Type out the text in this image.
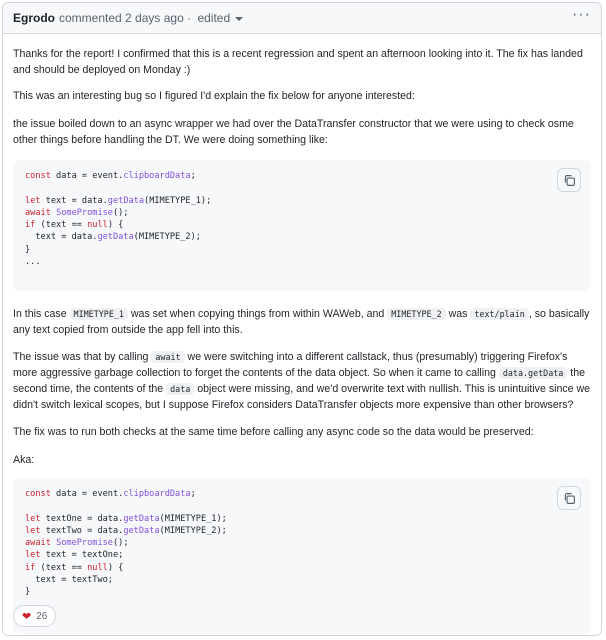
Egrodo commented
2 days ago · edited	···

Thanks for the report! I confirmed that this is a recent regression and spent an afternoon looking into it. The fix has landed and should be deployed on Monday :)

This was an interesting bug so I figured I'd explain the fix below for anyone interested:

the issue boiled down to an async wrapper we had over the DataTransfer constructor that we were using to check osme other things before handling the DT. We were doing something like:

const data = event.clipboardData;

let text = data.getData(MIMETYPE_1);
await SomePromise();
if (text == null) {
text = data.getData(MIMETYPE_2);
}
...

In this case MIMETYPE_1 was set when copying things from within WAWeb, and MIMETYPE_2 was text/plain , so basically any text copied from outside the app fell into this.

The issue was that by calling await we were switching into a different callstack, thus (presumably) triggering Firefox's more aggressive garbage collection to forget the contents of the data object. So when it came to calling data.getData the second time, the contents of the data object were missing, and we'd overwrite text with nullish. This is unintuitive since we didn't switch lexical scopes, but I suppose Firefox considers DataTransfer objects more expensive than other browsers?

The fix was to run both checks at the same time before calling any async code so the data would be preserved:

Aka:

const data = event.clipboardData;

let textOne = data.getData(MIMETYPE_1);
let textTwo = data.getData(MIMETYPE_2);
await SomePromise();
let text = textOne;
if (text == null) {
text = textTwo;
}

❤ 26
